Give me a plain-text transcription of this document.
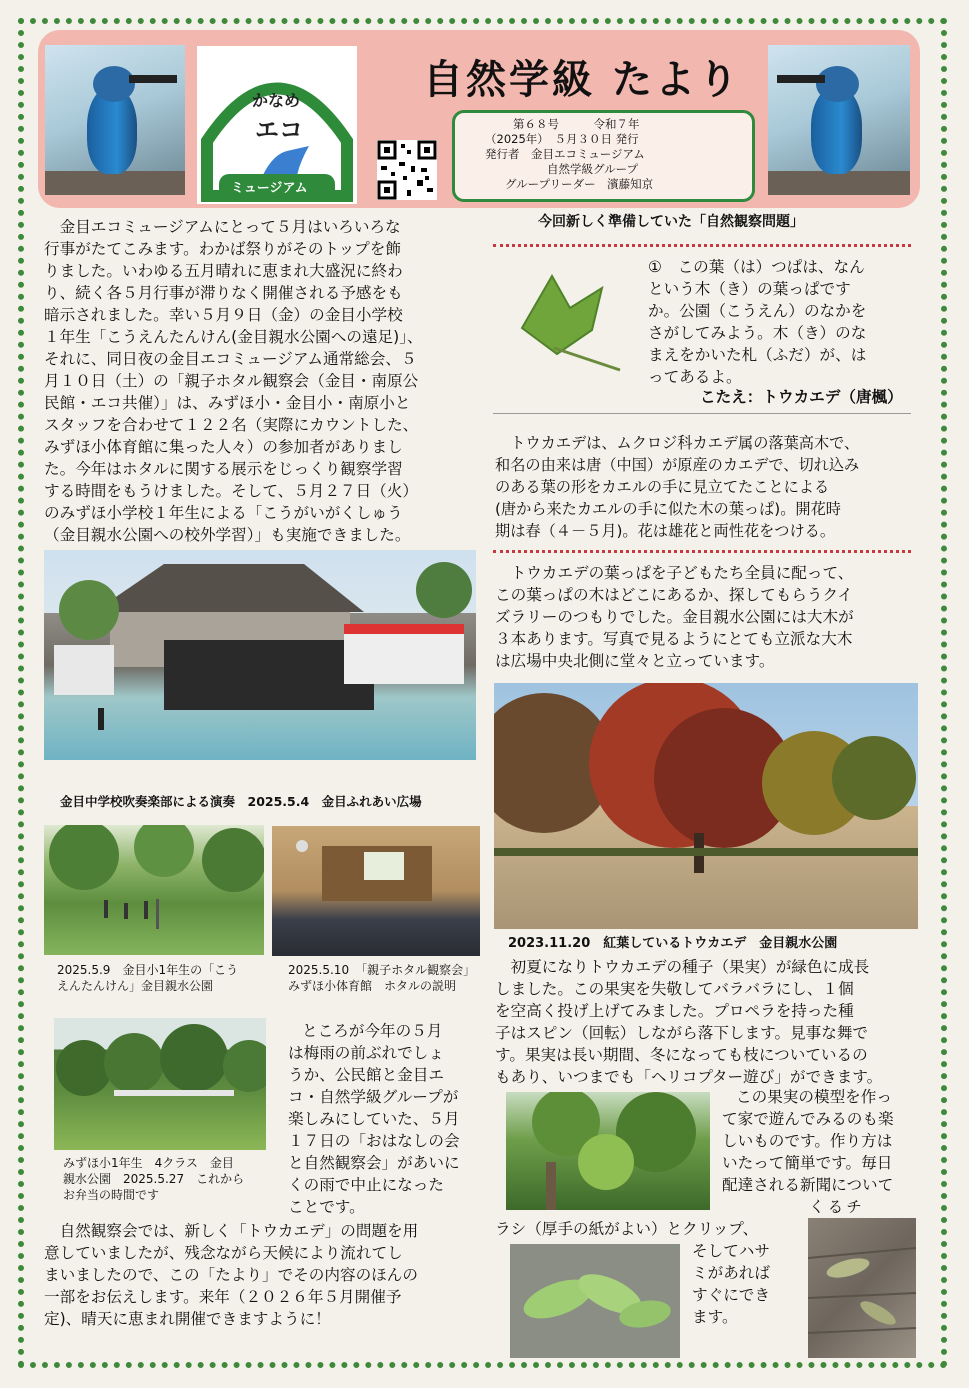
かなめ
エコ
ミュージアム
自然学級 たより
第６８号　　　令和７年
（2025年）　５月３０日 発行
発行者　金目エコミュージアム
自然学級グループ
グループリーダー　濱藤知京
　金目エコミュージアムにとって５月はいろいろな
行事がたてこみます。わかば祭りがそのトップを飾
りました。いわゆる五月晴れに恵まれ大盛況に終わ
り、続く各５月行事が滞りなく開催される予感をも
暗示されました。幸い５月９日（金）の金目小学校
１年生「こうえんたんけん(金目親水公園への遠足)」、
それに、同日夜の金目エコミュージアム通常総会、５
月１０日（土）の「親子ホタル観察会（金目・南原公
民館・エコ共催）」は、みずほ小・金目小・南原小と
スタッフを合わせて１２２名（実際にカウントした、
みずほ小体育館に集った人々）の参加者がありまし
た。今年はホタルに関する展示をじっくり観察学習
する時間をもうけました。そして、５月２７日（火）
のみずほ小学校１年生による「こうがいがくしゅう
（金目親水公園への校外学習）」も実施できました。
金目中学校吹奏楽部による演奏　2025.5.4　金目ふれあい広場
2025.5.9　金目小1年生の「こう
えんたんけん」金目親水公園
2025.5.10　「親子ホタル観察会」
みずほ小体育館　ホタルの説明
みずほ小1年生　4クラス　金目
親水公園　2025.5.27　これから
お弁当の時間です
ところが今年の５月
は梅雨の前ぶれでしょ
うか、公民館と金目エ
コ・自然学級グループが
楽しみにしていた、５月
１７日の「おはなしの会
と自然観察会」があいに
くの雨で中止になった
ことです。
　自然観察会では、新しく「トウカエデ」の問題を用
意していましたが、残念ながら天候により流れてし
まいましたので、この「たより」でその内容のほんの
一部をお伝えします。来年（２０２６年５月開催予
定)、晴天に恵まれ開催できますように！
今回新しく準備していた「自然観察問題」
①　この葉（は）つぱは、なん
という木（き）の葉っぱです
か。公園（こうえん）のなかを
さがしてみよう。木（き）のな
まえをかいた札（ふだ）が、は
ってあるよ。
こたえ：トウカエデ（唐楓）
　トウカエデは、ムクロジ科カエデ属の落葉高木で、
和名の由来は唐（中国）が原産のカエデで、切れ込み
のある葉の形をカエルの手に見立てたことによる
(唐から来たカエルの手に似た木の葉っぱ)。開花時
期は春（４－５月)。花は雄花と両性花をつける。
　トウカエデの葉っぱを子どもたち全員に配って、
この葉っぱの木はどこにあるか、探してもらうクイ
ズラリーのつもりでした。金目親水公園には大木が
３本あります。写真で見るようにとても立派な大木
は広場中央北側に堂々と立っています。
2023.11.20　紅葉しているトウカエデ　金目親水公園
　初夏になりトウカエデの種子（果実）が緑色に成長
しました。この果実を失敬してバラバラにし、１個
を空高く投げ上げてみました。プロペラを持った種
子はスピン（回転）しながら落下します。見事な舞で
す。果実は長い期間、冬になっても枝についているの
もあり、いつまでも「ヘリコプター遊び」ができます。
この果実の模型を作っ
て家で遊んでみるのも楽
しいものです。作り方は
いたって簡単です。毎日
配達される新聞について
くるチ
ラシ（厚手の紙がよい）とクリップ、
そしてハサ
ミがあれば
すぐにでき
ます。
